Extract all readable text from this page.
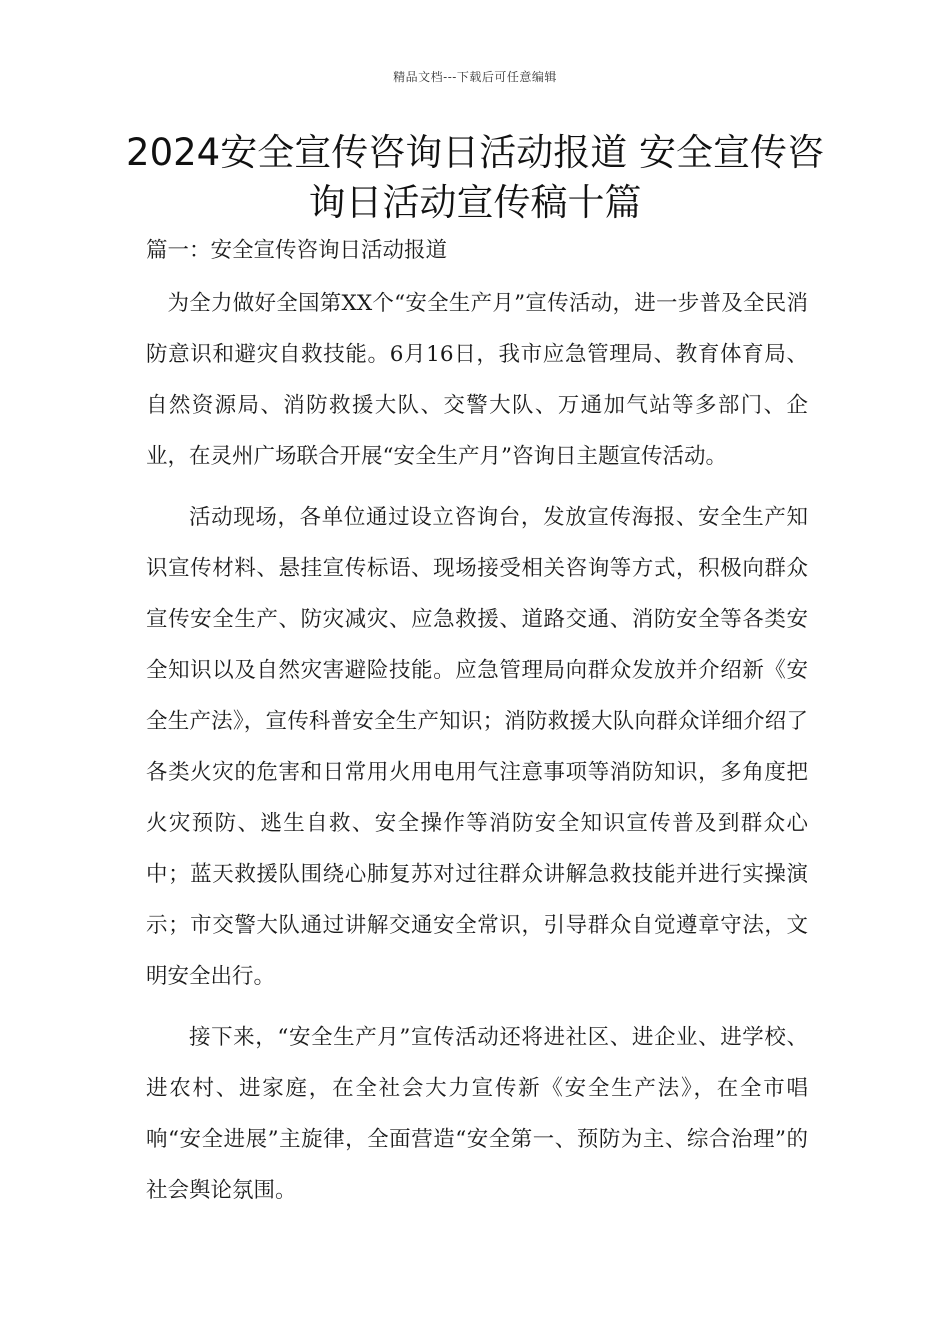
精品文档---下载后可任意编辑
2024安全宣传咨询日活动报道 安全宣传咨询日活动宣传稿十篇

篇一：安全宣传咨询日活动报道

为全力做好全国第XX个“安全生产月”宣传活动，进一步普及全民消防意识和避灾自救技能。6月16日，我市应急管理局、教育体育局、自然资源局、消防救援大队、交警大队、万通加气站等多部门、企业，在灵州广场联合开展“安全生产月”咨询日主题宣传活动。

活动现场，各单位通过设立咨询台，发放宣传海报、安全生产知识宣传材料、悬挂宣传标语、现场接受相关咨询等方式，积极向群众宣传安全生产、防灾减灾、应急救援、道路交通、消防安全等各类安全知识以及自然灾害避险技能。应急管理局向群众发放并介绍新《安全生产法》，宣传科普安全生产知识；消防救援大队向群众详细介绍了各类火灾的危害和日常用火用电用气注意事项等消防知识，多角度把火灾预防、逃生自救、安全操作等消防安全知识宣传普及到群众心中；蓝天救援队围绕心肺复苏对过往群众讲解急救技能并进行实操演示；市交警大队通过讲解交通安全常识，引导群众自觉遵章守法，文明安全出行。

接下来，“安全生产月”宣传活动还将进社区、进企业、进学校、进农村、进家庭，在全社会大力宣传新《安全生产法》，在全市唱响“安全进展”主旋律，全面营造“安全第一、预防为主、综合治理”的社会舆论氛围。
